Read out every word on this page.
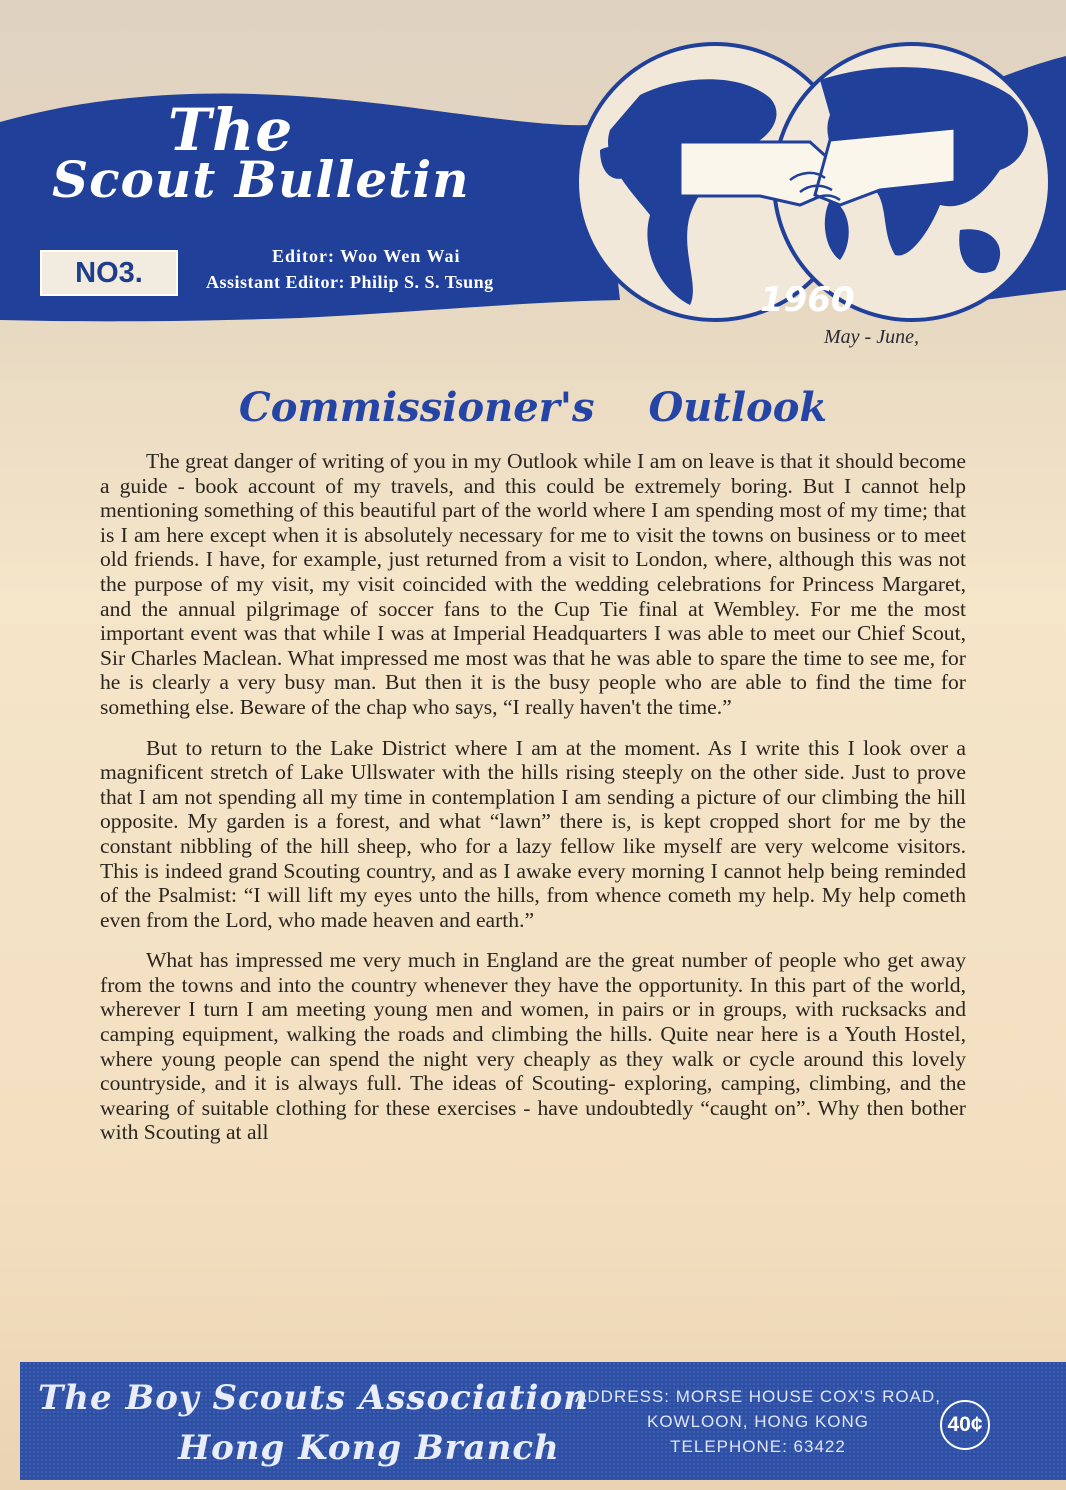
The
Scout Bulletin
NO3.
Editor: Woo Wen Wai
Assistant Editor: Philip S. S. Tsung	1960
May - June,
Commissioner's Outlook

The great danger of writing of you in my Outlook while I am on leave is that it should become a guide - book account of my travels, and this could be extremely boring. But I cannot help mentioning something of this beautiful part of the world where I am spending most of my time; that is I am here except when it is absolutely necessary for me to visit the towns on business or to meet old friends. I have, for example, just returned from a visit to London, where, although this was not the purpose of my visit, my visit coincided with the wedding celebrations for Princess Margaret, and the annual pilgrimage of soccer fans to the Cup Tie final at Wembley. For me the most important event was that while I was at Imperial Headquarters I was able to meet our Chief Scout, Sir Charles Maclean. What impressed me most was that he was able to spare the time to see me, for he is clearly a very busy man. But then it is the busy people who are able to find the time for something else. Beware of the chap who says, “I really haven't the time.”

But to return to the Lake District where I am at the moment. As I write this I look over a magnificent stretch of Lake Ullswater with the hills rising steeply on the other side. Just to prove that I am not spending all my time in contemplation I am sending a picture of our climbing the hill opposite. My garden is a forest, and what “lawn” there is, is kept cropped short for me by the constant nibbling of the hill sheep, who for a lazy fellow like myself are very welcome visitors. This is indeed grand Scouting country, and as I awake every morning I cannot help being reminded of the Psalmist: “I will lift my eyes unto the hills, from whence cometh my help. My help cometh even from the Lord, who made heaven and earth.”

What has impressed me very much in England are the great number of people who get away from the towns and into the country whenever they have the opportunity. In this part of the world, wherever I turn I am meeting young men and women, in pairs or in groups, with rucksacks and camping equipment, walking the roads and climbing the hills. Quite near here is a Youth Hostel, where young people can spend the night very cheaply as they walk or cycle around this lovely countryside, and it is always full. The ideas of Scouting- exploring, camping, climbing, and the wearing of suitable clothing for these exercises - have undoubtedly “caught on”. Why then bother with Scouting at all

The Boy Scouts Association
Hong Kong Branch
ADDRESS: MORSE HOUSE COX'S ROAD,
KOWLOON, HONG KONG
TELEPHONE: 63422
40¢
